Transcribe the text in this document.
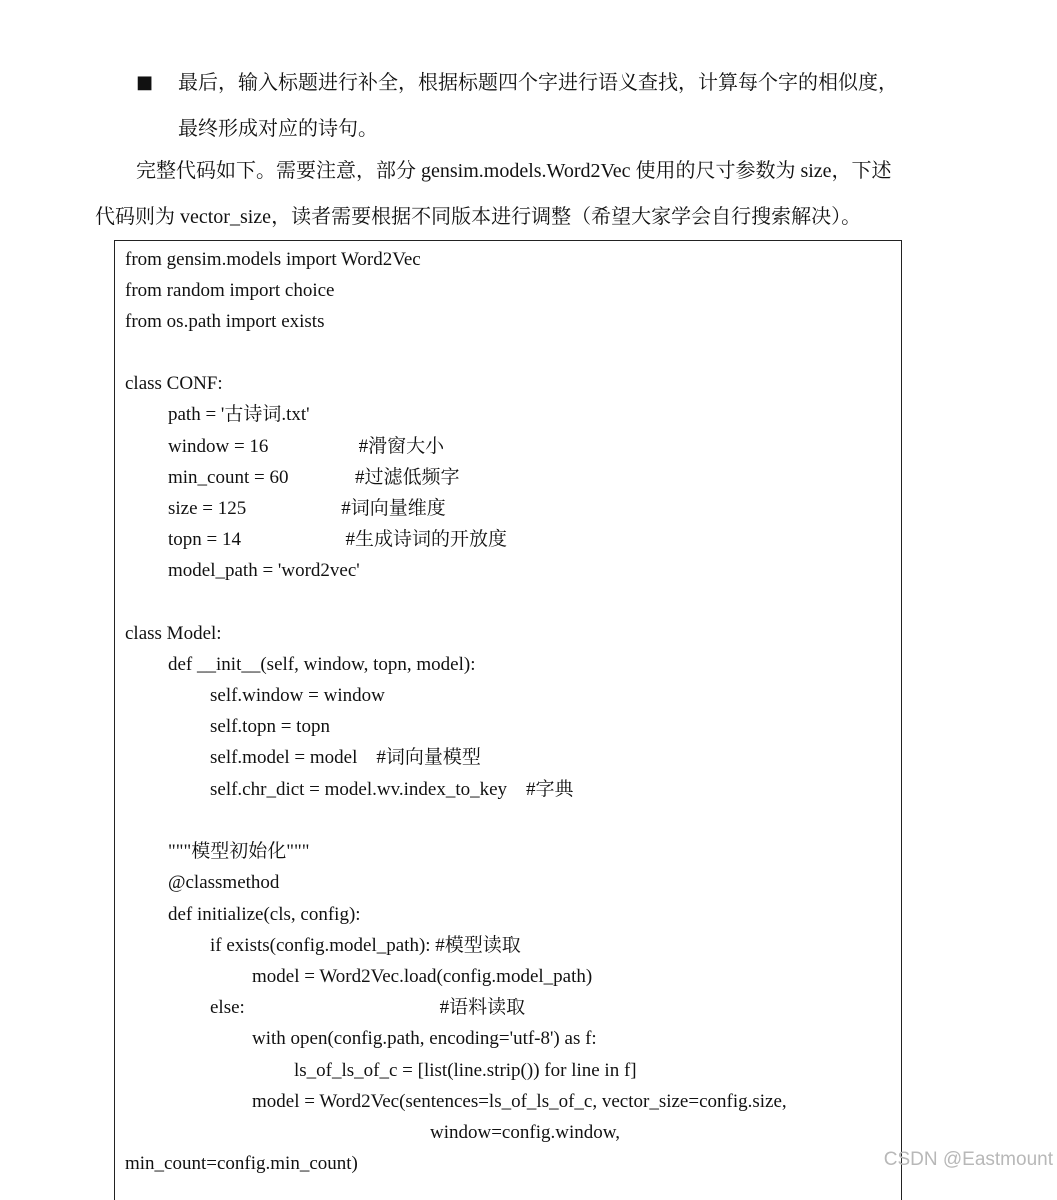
■ 最后，输入标题进行补全，根据标题四个字进行语义查找，计算每个字的相似度，
最终形成对应的诗句。
完整代码如下。需要注意，部分 gensim.models.Word2Vec 使用的尺寸参数为 size，下述
代码则为 vector_size，读者需要根据不同版本进行调整（希望大家学会自行搜索解决）。
from gensim.models import Word2Vec
from random import choice
from os.path import exists
class CONF:
path = '古诗词.txt'
window = 16                   #滑窗大小
min_count = 60              #过滤低频字
size = 125                    #词向量维度
topn = 14                      #生成诗词的开放度
model_path = 'word2vec'
class Model:
def __init__(self, window, topn, model):
self.window = window
self.topn = topn
self.model = model    #词向量模型
self.chr_dict = model.wv.index_to_key    #字典
"""模型初始化"""
@classmethod
def initialize(cls, config):
if exists(config.model_path): #模型读取
model = Word2Vec.load(config.model_path)
else:                                         #语料读取
with open(config.path, encoding='utf-8') as f:
ls_of_ls_of_c = [list(line.strip()) for line in f]
model = Word2Vec(sentences=ls_of_ls_of_c, vector_size=config.size,
window=config.window,
min_count=config.min_count)	CSDN @Eastmount
